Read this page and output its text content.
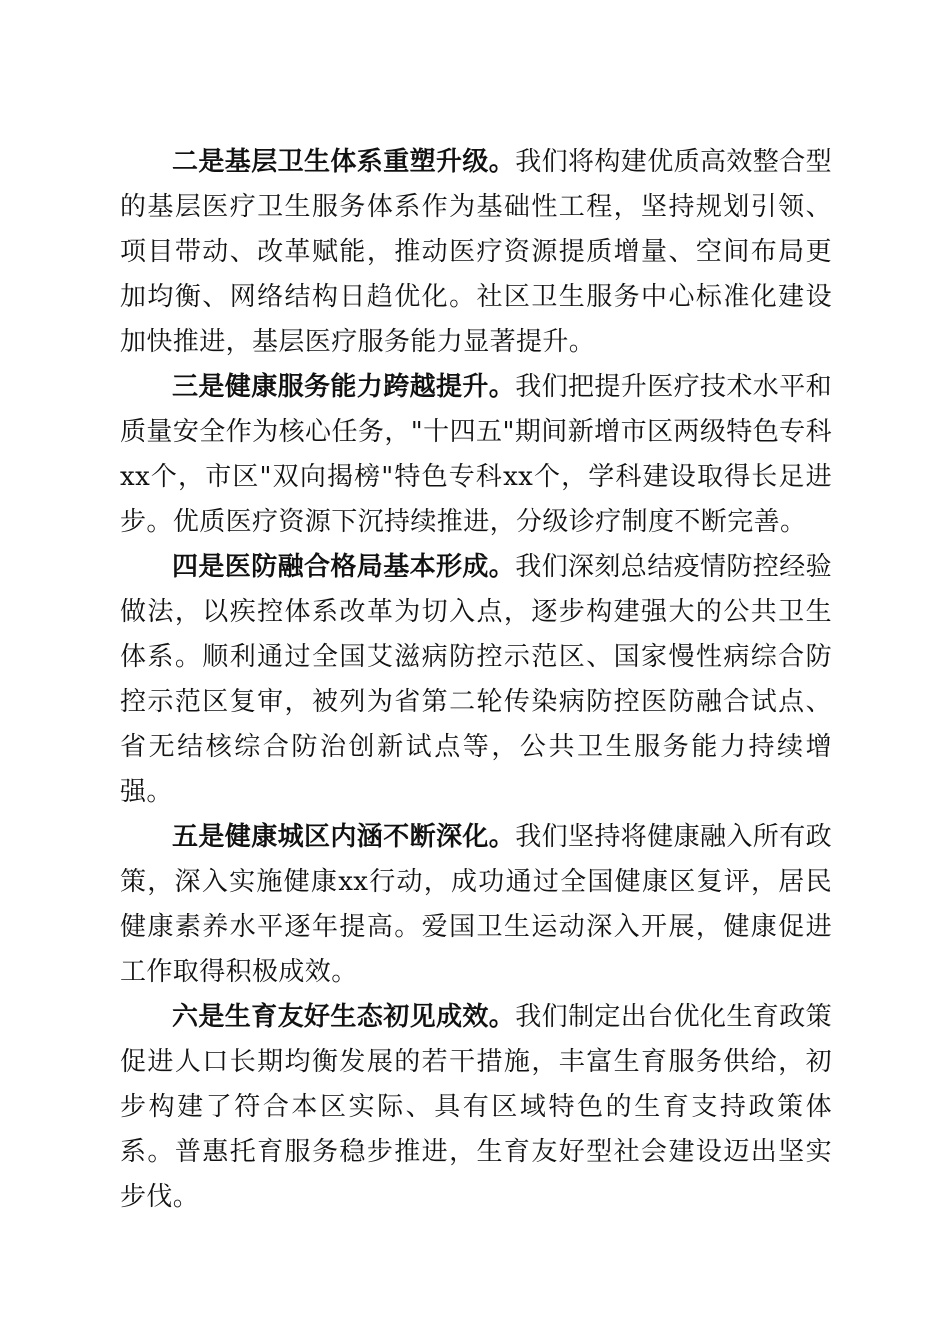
二是基层卫生体系重塑升级。我们将构建优质高效整合型的基层医疗卫生服务体系作为基础性工程，坚持规划引领、项目带动、改革赋能，推动医疗资源提质增量、空间布局更加均衡、网络结构日趋优化。社区卫生服务中心标准化建设加快推进，基层医疗服务能力显著提升。

三是健康服务能力跨越提升。我们把提升医疗技术水平和质量安全作为核心任务，"十四五"期间新增市区两级特色专科xx个，市区"双向揭榜"特色专科xx个，学科建设取得长足进步。优质医疗资源下沉持续推进，分级诊疗制度不断完善。

四是医防融合格局基本形成。我们深刻总结疫情防控经验做法，以疾控体系改革为切入点，逐步构建强大的公共卫生体系。顺利通过全国艾滋病防控示范区、国家慢性病综合防控示范区复审，被列为省第二轮传染病防控医防融合试点、省无结核综合防治创新试点等，公共卫生服务能力持续增强。

五是健康城区内涵不断深化。我们坚持将健康融入所有政策，深入实施健康xx行动，成功通过全国健康区复评，居民健康素养水平逐年提高。爱国卫生运动深入开展，健康促进工作取得积极成效。

六是生育友好生态初见成效。我们制定出台优化生育政策促进人口长期均衡发展的若干措施，丰富生育服务供给，初步构建了符合本区实际、具有区域特色的生育支持政策体系。普惠托育服务稳步推进，生育友好型社会建设迈出坚实步伐。
